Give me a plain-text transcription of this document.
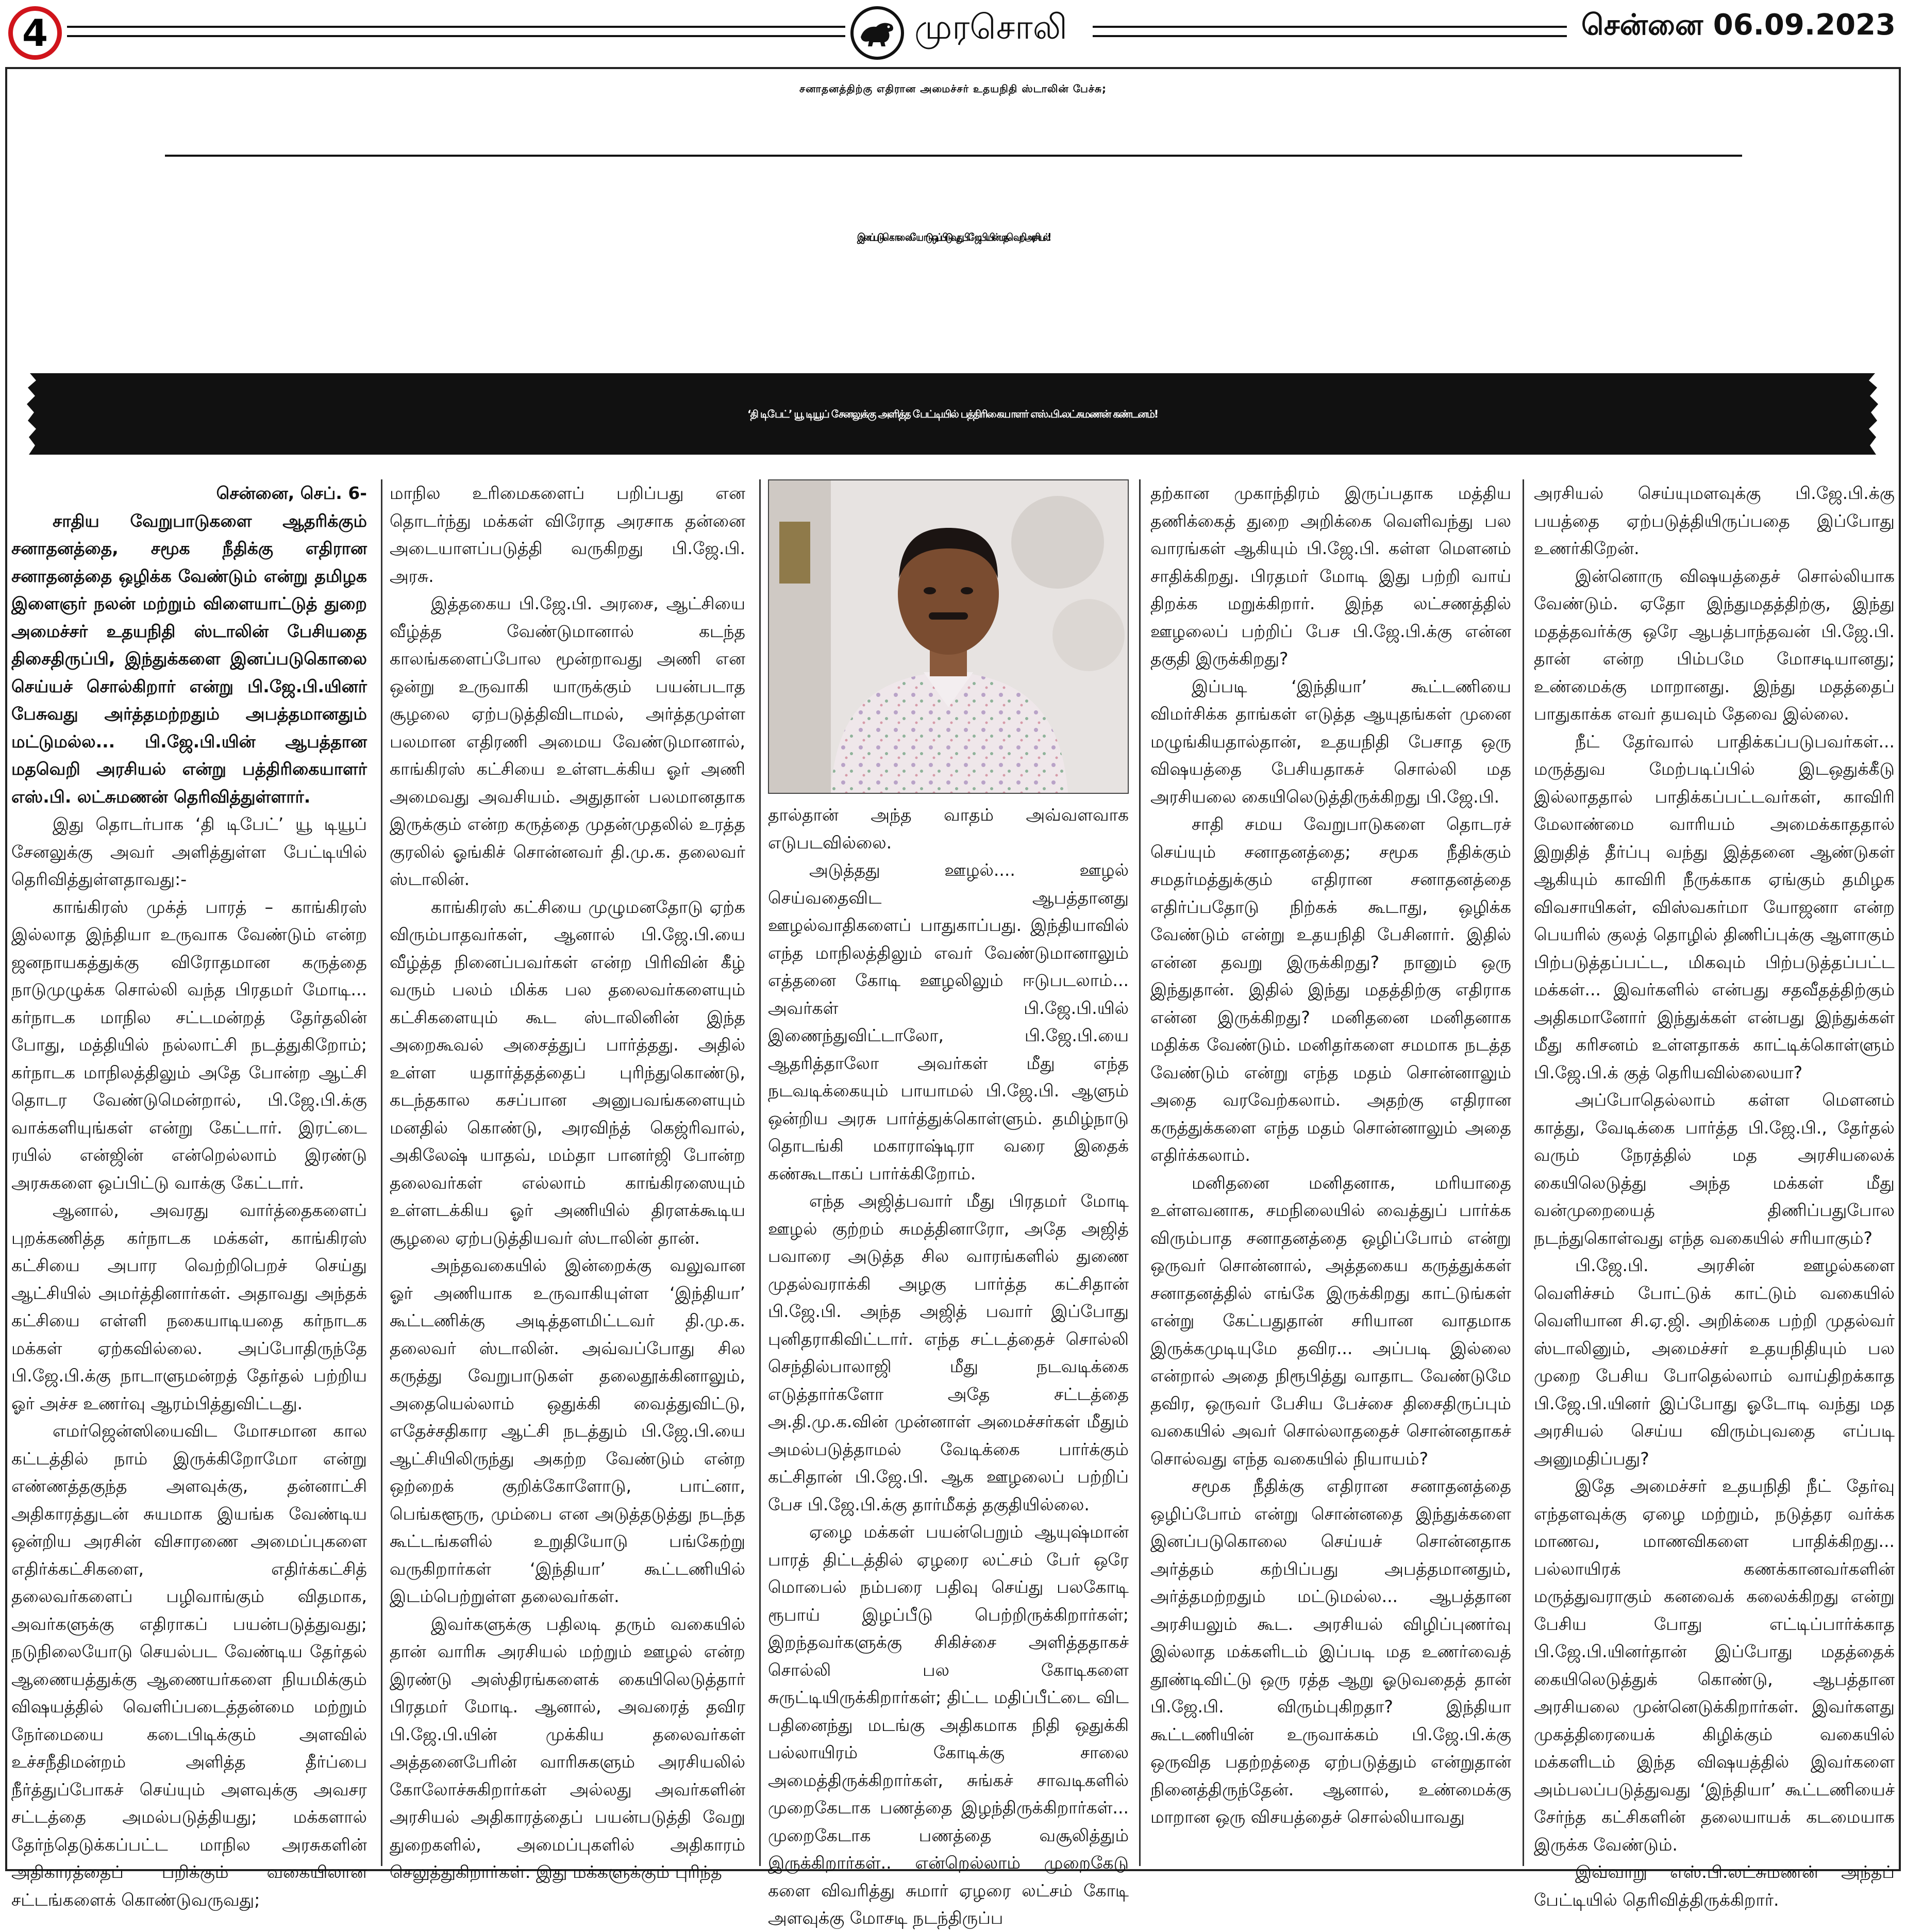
4	முரசொலி	சென்னை 06.09.2023
சனாதனத்திற்கு எதிரான அமைச்சர் உதயநிதி ஸ்டாலின் பேச்சு;
இனப்படுகொலையோடு ஒப்பிடுவது பி.ஜே.பி.யின் மதவெறி அரசியல்!
‘தி டிபேட்’ யூ டியூப் சேனலுக்கு அளித்த பேட்டியில் பத்திரிகையாளர் எஸ்.பி.லட்சுமணன் கண்டனம்!

சென்னை, செப். 6-

சாதிய வேறுபாடுகளை ஆதரிக்கும் சனாதனத்தை, சமூக நீதிக்கு எதிரான சனாதனத்தை ஒழிக்க வேண்டும் என்று தமிழக இளைஞர் நலன் மற்றும் விளையாட்டுத் துறை அமைச்சர் உதயநிதி ஸ்டாலின் பேசியதை திசைதிருப்பி, இந்துக்களை இனப்படுகொலை செய்யச் சொல்கிறார் என்று பி.ஜே.பி.யினர் பேசுவது அர்த்தமற்றதும் அபத்தமானதும் மட்டுமல்ல... பி.ஜே.பி.யின் ஆபத்தான மதவெறி அரசியல் என்று பத்திரிகையாளர் எஸ்.பி. லட்சுமணன் தெரிவித்துள்ளார்.

இது தொடர்பாக ‘தி டிபேட்’ யூ டியூப் சேனலுக்கு அவர் அளித்துள்ள பேட்டியில் தெரிவித்துள்ளதாவது:-

காங்கிரஸ் முக்த் பாரத் – காங்கிரஸ் இல்லாத இந்தியா உருவாக வேண்டும் என்ற ஜனநாயகத்துக்கு விரோதமான கருத்தை நாடுமுழுக்க சொல்லி வந்த பிரதமர் மோடி... கர்நாடக மாநில சட்டமன்றத் தேர்தலின் போது, மத்தியில் நல்லாட்சி நடத்துகிறோம்; கர்நாடக மாநிலத்திலும் அதே போன்ற ஆட்சி தொடர வேண்டுமென்றால், பி.ஜே.பி.க்கு வாக்களியுங்கள் என்று கேட்டார். இரட்டை ரயில் என்ஜின் என்றெல்லாம் இரண்டு அரசுகளை ஒப்பிட்டு வாக்கு கேட்டார்.

ஆனால், அவரது வார்த்தைகளைப் புறக்கணித்த கர்நாடக மக்கள், காங்கிரஸ் கட்சியை அபார வெற்றிபெறச் செய்து ஆட்சியில் அமர்த்தினார்கள். அதாவது அந்தக் கட்சியை எள்ளி நகையாடியதை கர்நாடக மக்கள் ஏற்கவில்லை. அப்போதிருந்தே பி.ஜே.பி.க்கு நாடாளுமன்றத் தேர்தல் பற்றிய ஓர் அச்ச உணர்வு ஆரம்பித்துவிட்டது.

எமர்ஜென்ஸியைவிட மோசமான கால கட்டத்தில் நாம் இருக்கிறோமோ என்று எண்ணத்தகுந்த அளவுக்கு, தன்னாட்சி அதிகாரத்துடன் சுயமாக இயங்க வேண்டிய ஒன்றிய அரசின் விசாரணை அமைப்புகளை எதிர்க்கட்சிகளை, எதிர்க்கட்சித் தலைவர்களைப் பழிவாங்கும் விதமாக, அவர்களுக்கு எதிராகப் பயன்படுத்துவது; நடுநிலையோடு செயல்பட வேண்டிய தேர்தல் ஆணையத்துக்கு ஆணையர்களை நியமிக்கும் விஷயத்தில் வெளிப்படைத்தன்மை மற்றும் நேர்மையை கடைபிடிக்கும் அளவில் உச்சநீதிமன்றம் அளித்த தீர்ப்பை நீர்த்துப்போகச் செய்யும் அளவுக்கு அவசர சட்டத்தை அமல்படுத்தியது; மக்களால் தேர்ந்தெடுக்கப்பட்ட மாநில அரசுகளின் அதிகாரத்தைப் பறிக்கும் வகையிலான சட்டங்களைக் கொண்டுவருவது;

மாநில உரிமைகளைப் பறிப்பது என தொடர்ந்து மக்கள் விரோத அரசாக தன்னை அடையாளப்படுத்தி வருகிறது பி.ஜே.பி. அரசு.

இத்தகைய பி.ஜே.பி. அரசை, ஆட்சியை வீழ்த்த வேண்டுமானால் கடந்த காலங்களைப்போல மூன்றாவது அணி என ஒன்று உருவாகி யாருக்கும் பயன்படாத சூழலை ஏற்படுத்திவிடாமல், அர்த்தமுள்ள பலமான எதிரணி அமைய வேண்டுமானால், காங்கிரஸ் கட்சியை உள்ளடக்கிய ஓர் அணி அமைவது அவசியம். அதுதான் பலமானதாக இருக்கும் என்ற கருத்தை முதன்முதலில் உரத்த குரலில் ஓங்கிச் சொன்னவர் தி.மு.க. தலைவர் ஸ்டாலின்.

காங்கிரஸ் கட்சியை முழுமனதோடு ஏற்க விரும்பாதவர்கள், ஆனால் பி.ஜே.பி.யை வீழ்த்த நினைப்பவர்கள் என்ற பிரிவின் கீழ் வரும் பலம் மிக்க பல தலைவர்களையும் கட்சிகளையும் கூட ஸ்டாலினின் இந்த அறைகூவல் அசைத்துப் பார்த்தது. அதில் உள்ள யதார்த்தத்தைப் புரிந்துகொண்டு, கடந்தகால கசப்பான அனுபவங்களையும் மனதில் கொண்டு, அரவிந்த் கெஜ்ரிவால், அகிலேஷ் யாதவ், மம்தா பானர்ஜி போன்ற தலைவர்கள் எல்லாம் காங்கிரஸையும் உள்ளடக்கிய ஓர் அணியில் திரளக்கூடிய சூழலை ஏற்படுத்தியவர் ஸ்டாலின் தான்.

அந்தவகையில் இன்றைக்கு வலுவான ஓர் அணியாக உருவாகியுள்ள ‘இந்தியா’ கூட்டணிக்கு அடித்தளமிட்டவர் தி.மு.க. தலைவர் ஸ்டாலின். அவ்வப்போது சில கருத்து வேறுபாடுகள் தலைதூக்கினாலும், அதையெல்லாம் ஒதுக்கி வைத்துவிட்டு, எதேச்சதிகார ஆட்சி நடத்தும் பி.ஜே.பி.யை ஆட்சியிலிருந்து அகற்ற வேண்டும் என்ற ஒற்றைக் குறிக்கோளோடு, பாட்னா, பெங்களூரு, மும்பை என அடுத்தடுத்து நடந்த கூட்டங்களில் உறுதியோடு பங்கேற்று வருகிறார்கள் ‘இந்தியா’ கூட்டணியில் இடம்பெற்றுள்ள தலைவர்கள்.

இவர்களுக்கு பதிலடி தரும் வகையில் தான் வாரிசு அரசியல் மற்றும் ஊழல் என்ற இரண்டு அஸ்திரங்களைக் கையிலெடுத்தார் பிரதமர் மோடி. ஆனால், அவரைத் தவிர பி.ஜே.பி.யின் முக்கிய தலைவர்கள் அத்தனைபேரின் வாரிசுகளும் அரசியலில் கோலோச்சுகிறார்கள் அல்லது அவர்களின் அரசியல் அதிகாரத்தைப் பயன்படுத்தி வேறு துறைகளில், அமைப்புகளில் அதிகாரம் செலுத்துகிறார்கள். இது மக்களுக்கும் புரிந்த

தால்தான் அந்த வாதம் அவ்வளவாக எடுபடவில்லை.

அடுத்தது ஊழல்.... ஊழல் செய்வதைவிட ஆபத்தானது ஊழல்வாதிகளைப் பாதுகாப்பது. இந்தியாவில் எந்த மாநிலத்திலும் எவர் வேண்டுமானாலும் எத்தனை கோடி ஊழலிலும் ஈடுபடலாம்... அவர்கள் பி.ஜே.பி.யில் இணைந்துவிட்டாலோ, பி.ஜே.பி.யை ஆதரித்தாலோ அவர்கள் மீது எந்த நடவடிக்கையும் பாயாமல் பி.ஜே.பி. ஆளும் ஒன்றிய அரசு பார்த்துக்கொள்ளும். தமிழ்நாடு தொடங்கி மகாராஷ்டிரா வரை இதைக் கண்கூடாகப் பார்க்கிறோம்.

எந்த அஜித்பவார் மீது பிரதமர் மோடி ஊழல் குற்றம் சுமத்தினாரோ, அதே அஜித் பவாரை அடுத்த சில வாரங்களில் துணை முதல்வராக்கி அழகு பார்த்த கட்சிதான் பி.ஜே.பி. அந்த அஜித் பவார் இப்போது புனிதராகிவிட்டார். எந்த சட்டத்தைச் சொல்லி செந்தில்பாலாஜி மீது நடவடிக்கை எடுத்தார்களோ அதே சட்டத்தை அ.தி.மு.க.வின் முன்னாள் அமைச்சர்கள் மீதும் அமல்படுத்தாமல் வேடிக்கை பார்க்கும் கட்சிதான் பி.ஜே.பி. ஆக ஊழலைப் பற்றிப் பேச பி.ஜே.பி.க்கு தார்மீகத் தகுதியில்லை.

ஏழை மக்கள் பயன்பெறும் ஆயுஷ்மான் பாரத் திட்டத்தில் ஏழரை லட்சம் பேர் ஒரே மொபைல் நம்பரை பதிவு செய்து பலகோடி ரூபாய் இழப்பீடு பெற்றிருக்கிறார்கள்; இறந்தவர்களுக்கு சிகிச்சை அளித்ததாகச் சொல்லி பல கோடிகளை சுருட்டியிருக்கிறார்கள்; திட்ட மதிப்பீட்டை விட பதினைந்து மடங்கு அதிகமாக நிதி ஒதுக்கி பல்லாயிரம் கோடிக்கு சாலை அமைத்திருக்கிறார்கள், சுங்கச் சாவடிகளில் முறைகேடாக பணத்தை இழந்திருக்கிறார்கள்... முறைகேடாக பணத்தை வசூலித்தும் இருக்கிறார்கள்.. என்றெல்லாம் முறைகேடு களை விவரித்து சுமார் ஏழரை லட்சம் கோடி அளவுக்கு மோசடி நடந்திருப்ப

தற்கான முகாந்திரம் இருப்பதாக மத்திய தணிக்கைத் துறை அறிக்கை வெளிவந்து பல வாரங்கள் ஆகியும் பி.ஜே.பி. கள்ள மௌனம் சாதிக்கிறது. பிரதமர் மோடி இது பற்றி வாய் திறக்க மறுக்கிறார். இந்த லட்சணத்தில் ஊழலைப் பற்றிப் பேச பி.ஜே.பி.க்கு என்ன தகுதி இருக்கிறது?

இப்படி ‘இந்தியா’ கூட்டணியை விமர்சிக்க தாங்கள் எடுத்த ஆயுதங்கள் முனை மழுங்கியதால்தான், உதயநிதி பேசாத ஒரு விஷயத்தை பேசியதாகச் சொல்லி மத அரசியலை கையிலெடுத்திருக்கிறது பி.ஜே.பி.

சாதி சமய வேறுபாடுகளை தொடரச் செய்யும் சனாதனத்தை; சமூக நீதிக்கும் சமதர்மத்துக்கும் எதிரான சனாதனத்தை எதிர்ப்பதோடு நிற்கக் கூடாது, ஒழிக்க வேண்டும் என்று உதயநிதி பேசினார். இதில் என்ன தவறு இருக்கிறது? நானும் ஒரு இந்துதான். இதில் இந்து மதத்திற்கு எதிராக என்ன இருக்கிறது? மனிதனை மனிதனாக மதிக்க வேண்டும். மனிதர்களை சமமாக நடத்த வேண்டும் என்று எந்த மதம் சொன்னாலும் அதை வரவேற்கலாம். அதற்கு எதிரான கருத்துக்களை எந்த மதம் சொன்னாலும் அதை எதிர்க்கலாம்.

மனிதனை மனிதனாக, மரியாதை உள்ளவனாக, சமநிலையில் வைத்துப் பார்க்க விரும்பாத சனாதனத்தை ஒழிப்போம் என்று ஒருவர் சொன்னால், அத்தகைய கருத்துக்கள் சனாதனத்தில் எங்கே இருக்கிறது காட்டுங்கள் என்று கேட்பதுதான் சரியான வாதமாக இருக்கமுடியுமே தவிர... அப்படி இல்லை என்றால் அதை நிரூபித்து வாதாட வேண்டுமே தவிர, ஒருவர் பேசிய பேச்சை திசைதிருப்பும் வகையில் அவர் சொல்லாததைச் சொன்னதாகச் சொல்வது எந்த வகையில் நியாயம்?

சமூக நீதிக்கு எதிரான சனாதனத்தை ஒழிப்போம் என்று சொன்னதை இந்துக்களை இனப்படுகொலை செய்யச் சொன்னதாக அர்த்தம் கற்பிப்பது அபத்தமானதும், அர்த்தமற்றதும் மட்டுமல்ல... ஆபத்தான அரசியலும் கூட. அரசியல் விழிப்புணர்வு இல்லாத மக்களிடம் இப்படி மத உணர்வைத் தூண்டிவிட்டு ஒரு ரத்த ஆறு ஓடுவதைத் தான் பி.ஜே.பி. விரும்புகிறதா? இந்தியா கூட்டணியின் உருவாக்கம் பி.ஜே.பி.க்கு ஒருவித பதற்றத்தை ஏற்படுத்தும் என்றுதான் நினைத்திருந்தேன். ஆனால், உண்மைக்கு மாறான ஒரு விசயத்தைச் சொல்லியாவது

அரசியல் செய்யுமளவுக்கு பி.ஜே.பி.க்கு பயத்தை ஏற்படுத்தியிருப்பதை இப்போது உணர்கிறேன்.

இன்னொரு விஷயத்தைச் சொல்லியாக வேண்டும். ஏதோ இந்துமதத்திற்கு, இந்து மதத்தவர்க்கு ஒரே ஆபத்பாந்தவன் பி.ஜே.பி. தான் என்ற பிம்பமே மோசடியானது; உண்மைக்கு மாறானது. இந்து மதத்தைப் பாதுகாக்க எவர் தயவும் தேவை இல்லை.

நீட் தேர்வால் பாதிக்கப்படுபவர்கள்... மருத்துவ மேற்படிப்பில் இடஒதுக்கீடு இல்லாததால் பாதிக்கப்பட்டவர்கள், காவிரி மேலாண்மை வாரியம் அமைக்காததால் இறுதித் தீர்ப்பு வந்து இத்தனை ஆண்டுகள் ஆகியும் காவிரி நீருக்காக ஏங்கும் தமிழக விவசாயிகள், விஸ்வகர்மா யோஜனா என்ற பெயரில் குலத் தொழில் திணிப்புக்கு ஆளாகும் பிற்படுத்தப்பட்ட, மிகவும் பிற்படுத்தப்பட்ட மக்கள்... இவர்களில் என்பது சதவீதத்திற்கும் அதிகமானோர் இந்துக்கள் என்பது இந்துக்கள் மீது கரிசனம் உள்ளதாகக் காட்டிக்கொள்ளும் பி.ஜே.பி.க் குத் தெரியவில்லையா?

அப்போதெல்லாம் கள்ள மௌனம் காத்து, வேடிக்கை பார்த்த பி.ஜே.பி., தேர்தல் வரும் நேரத்தில் மத அரசியலைக் கையிலெடுத்து அந்த மக்கள் மீது வன்முறையைத் திணிப்பதுபோல நடந்துகொள்வது எந்த வகையில் சரியாகும்?

பி.ஜே.பி. அரசின் ஊழல்களை வெளிச்சம் போட்டுக் காட்டும் வகையில் வெளியான சி.ஏ.ஜி. அறிக்கை பற்றி முதல்வர் ஸ்டாலினும், அமைச்சர் உதயநிதியும் பல முறை பேசிய போதெல்லாம் வாய்திறக்காத பி.ஜே.பி.யினர் இப்போது ஓடோடி வந்து மத அரசியல் செய்ய விரும்புவதை எப்படி அனுமதிப்பது?

இதே அமைச்சர் உதயநிதி நீட் தேர்வு எந்தளவுக்கு ஏழை மற்றும், நடுத்தர வர்க்க மாணவ, மாணவிகளை பாதிக்கிறது... பல்லாயிரக் கணக்கானவர்களின் மருத்துவராகும் கனவைக் கலைக்கிறது என்று பேசிய போது எட்டிப்பார்க்காத பி.ஜே.பி.யினர்தான் இப்போது மதத்தைக் கையிலெடுத்துக் கொண்டு, ஆபத்தான அரசியலை முன்னெடுக்கிறார்கள். இவர்களது முகத்திரையைக் கிழிக்கும் வகையில் மக்களிடம் இந்த விஷயத்தில் இவர்களை அம்பலப்படுத்துவது ‘இந்தியா’ கூட்டணியைச் சேர்ந்த கட்சிகளின் தலையாயக் கடமையாக இருக்க வேண்டும்.

இவ்வாறு எஸ்.பி.லட்சுமணன் அந்தப் பேட்டியில் தெரிவித்திருக்கிறார்.
